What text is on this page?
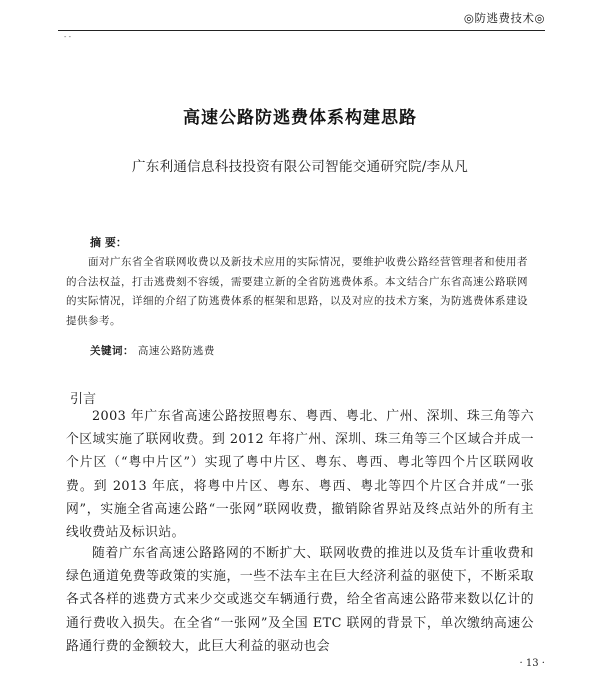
◎防逃费技术◎
- -
高速公路防逃费体系构建思路
广东利通信息科技投资有限公司智能交通研究院/李从凡
摘 要：
面对广东省全省联网收费以及新技术应用的实际情况，要维护收费公路经营管理者和使用者的合法权益，打击逃费刻不容缓，需要建立新的全省防逃费体系。本文结合广东省高速公路联网的实际情况，详细的介绍了防逃费体系的框架和思路，以及对应的技术方案，为防逃费体系建设提供参考。
关键词： 高速公路防逃费
引言
2003 年广东省高速公路按照粤东、粤西、粤北、广州、深圳、珠三角等六个区域实施了联网收费。到 2012 年将广州、深圳、珠三角等三个区域合并成一个片区（“粤中片区”）实现了粤中片区、粤东、粤西、粤北等四个片区联网收费。到 2013 年底，将粤中片区、粤东、粤西、粤北等四个片区合并成“一张网”，实施全省高速公路“一张网”联网收费，撤销除省界站及终点站外的所有主线收费站及标识站。
随着广东省高速公路路网的不断扩大、联网收费的推进以及货车计重收费和绿色通道免费等政策的实施，一些不法车主在巨大经济利益的驱使下，不断采取各式各样的逃费方式来少交或逃交车辆通行费，给全省高速公路带来数以亿计的通行费收入损失。在全省“一张网”及全国 ETC 联网的背景下，单次缴纳高速公路通行费的金额较大，此巨大利益的驱动也会
· 13 ·
